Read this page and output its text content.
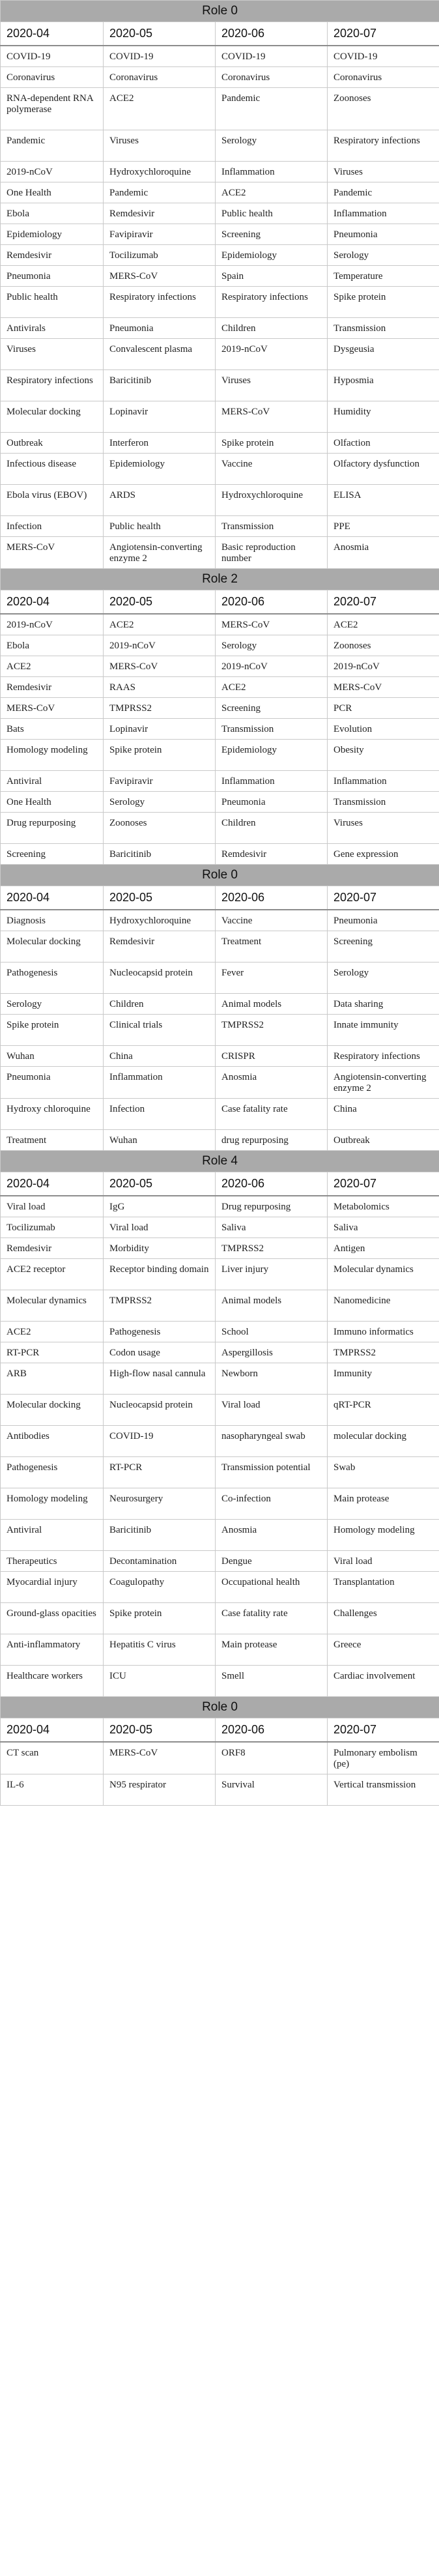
Role 0			
2020-04	2020-05	2020-06	2020-07
COVID-19	COVID-19	COVID-19	COVID-19
Coronavirus	Coronavirus	Coronavirus	Coronavirus
RNA-dependent RNA polymerase	ACE2	Pandemic	Zoonoses
Pandemic	Viruses	Serology	Respiratory infections
2019-nCoV	Hydroxychloroquine	Inflammation	Viruses
One Health	Pandemic	ACE2	Pandemic
Ebola	Remdesivir	Public health	Inflammation
Epidemiology	Favipiravir	Screening	Pneumonia
Remdesivir	Tocilizumab	Epidemiology	Serology
Pneumonia	MERS-CoV	Spain	Temperature
Public health	Respiratory infections	Respiratory infections	Spike protein
Antivirals	Pneumonia	Children	Transmission
Viruses	Convalescent plasma	2019-nCoV	Dysgeusia
Respiratory infections	Baricitinib	Viruses	Hyposmia
Molecular docking	Lopinavir	MERS-CoV	Humidity
Outbreak	Interferon	Spike protein	Olfaction
Infectious disease	Epidemiology	Vaccine	Olfactory dysfunction
Ebola virus (EBOV)	ARDS	Hydroxychloroquine	ELISA
Infection	Public health	Transmission	PPE
MERS-CoV	Angiotensin-converting enzyme 2	Basic reproduction number	Anosmia
Role 2			
2020-04	2020-05	2020-06	2020-07
2019-nCoV	ACE2	MERS-CoV	ACE2
Ebola	2019-nCoV	Serology	Zoonoses
ACE2	MERS-CoV	2019-nCoV	2019-nCoV
Remdesivir	RAAS	ACE2	MERS-CoV
MERS-CoV	TMPRSS2	Screening	PCR
Bats	Lopinavir	Transmission	Evolution
Homology modeling	Spike protein	Epidemiology	Obesity
Antiviral	Favipiravir	Inflammation	Inflammation
One Health	Serology	Pneumonia	Transmission
Drug repurposing	Zoonoses	Children	Viruses
Screening	Baricitinib	Remdesivir	Gene expression
Role 0			
2020-04	2020-05	2020-06	2020-07
Diagnosis	Hydroxychloroquine	Vaccine	Pneumonia
Molecular docking	Remdesivir	Treatment	Screening
Pathogenesis	Nucleocapsid protein	Fever	Serology
Serology	Children	Animal models	Data sharing
Spike protein	Clinical trials	TMPRSS2	Innate immunity
Wuhan	China	CRISPR	Respiratory infections
Pneumonia	Inflammation	Anosmia	Angiotensin-converting enzyme 2
Hydroxy chloroquine	Infection	Case fatality rate	China
Treatment	Wuhan	drug repurposing	Outbreak
Role 4			
2020-04	2020-05	2020-06	2020-07
Viral load	IgG	Drug repurposing	Metabolomics
Tocilizumab	Viral load	Saliva	Saliva
Remdesivir	Morbidity	TMPRSS2	Antigen
ACE2 receptor	Receptor binding domain	Liver injury	Molecular dynamics
Molecular dynamics	TMPRSS2	Animal models	Nanomedicine
ACE2	Pathogenesis	School	Immuno informatics
RT-PCR	Codon usage	Aspergillosis	TMPRSS2
ARB	High-flow nasal cannula	Newborn	Immunity
Molecular docking	Nucleocapsid protein	Viral load	qRT-PCR
Antibodies	COVID-19	nasopharyngeal swab	molecular docking
Pathogenesis	RT-PCR	Transmission potential	Swab
Homology modeling	Neurosurgery	Co-infection	Main protease
Antiviral	Baricitinib	Anosmia	Homology modeling
Therapeutics	Decontamination	Dengue	Viral load
Myocardial injury	Coagulopathy	Occupational health	Transplantation
Ground-glass opacities	Spike protein	Case fatality rate	Challenges
Anti-inflammatory	Hepatitis C virus	Main protease	Greece
Healthcare workers	ICU	Smell	Cardiac involvement
Role 0			
2020-04	2020-05	2020-06	2020-07
CT scan	MERS-CoV	ORF8	Pulmonary embolism (pe)
IL-6	N95 respirator	Survival	Vertical transmission
